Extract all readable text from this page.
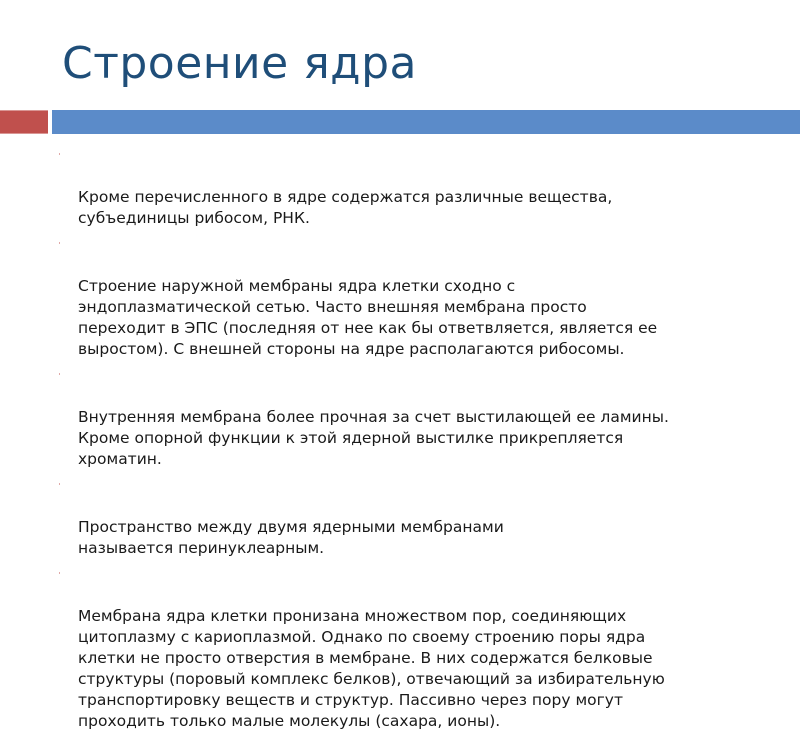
Строение ядра

ᐧ

Кроме перечисленного в ядре содержатся различные вещества,
субъединицы рибосом, РНК.

ᐧ

Строение наружной мембраны ядра клетки сходно с
эндоплазматической сетью. Часто внешняя мембрана просто
переходит в ЭПС (последняя от нее как бы ответвляется, является ее
выростом). С внешней стороны на ядре располагаются рибосомы.

ᐧ

Внутренняя мембрана более прочная за счет выстилающей ее ламины.
Кроме опорной функции к этой ядерной выстилке прикрепляется
хроматин.

ᐧ

Пространство между двумя ядерными мембранами
называется перинуклеарным.

ᐧ

Мембрана ядра клетки пронизана множеством пор, соединяющих
цитоплазму с кариоплазмой. Однако по своему строению поры ядра
клетки не просто отверстия в мембране. В них содержатся белковые
структуры (поровый комплекс белков), отвечающий за избирательную
транспортировку веществ и структур. Пассивно через пору могут
проходить только малые молекулы (сахара, ионы).
